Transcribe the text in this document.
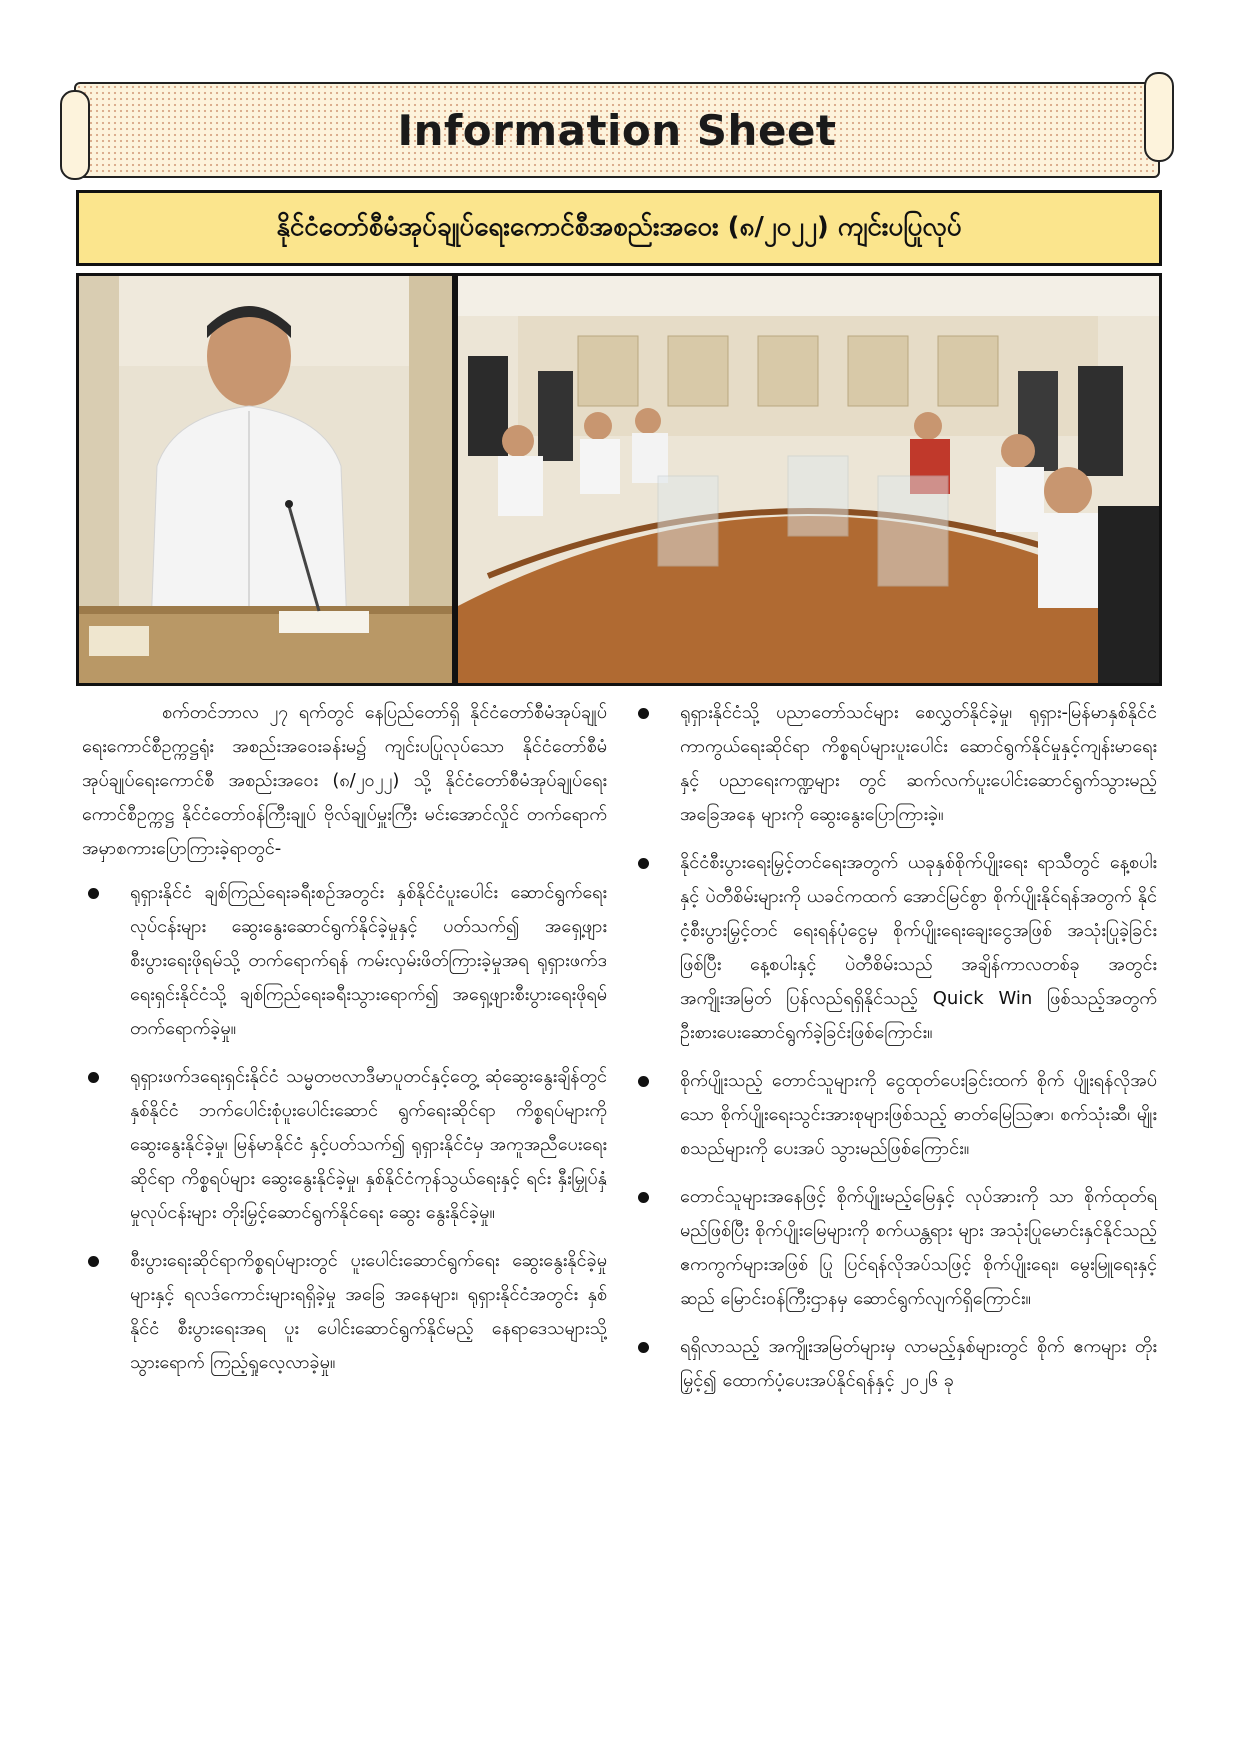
Information Sheet
နိုင်ငံတော်စီမံအုပ်ချုပ်ရေးကောင်စီအစည်းအဝေး (၈/၂၀၂၂) ကျင်းပပြုလုပ်

စက်တင်ဘာလ ၂၇ ရက်တွင် နေပြည်တော်ရှိ နိုင်ငံတော်စီမံအုပ်ချုပ်ရေးကောင်စီဥက္ကဋ္ဌရုံး အစည်းအဝေးခန်းမ၌ ကျင်းပပြုလုပ်သော နိုင်ငံတော်စီမံအုပ်ချုပ်ရေးကောင်စီ အစည်းအဝေး (၈/၂၀၂၂) သို့ နိုင်ငံတော်စီမံအုပ်ချုပ်ရေးကောင်စီဥက္ကဋ္ဌ နိုင်ငံတော်ဝန်ကြီးချုပ် ဗိုလ်ချုပ်မှူးကြီး မင်းအောင်လှိုင် တက်ရောက် အမှာစကားပြောကြားခဲ့ရာတွင်-

ရုရှားနိုင်ငံ ချစ်ကြည်ရေးခရီးစဉ်အတွင်း နှစ်နိုင်ငံပူးပေါင်း ဆောင်ရွက်ရေးလုပ်ငန်းများ ဆွေးနွေးဆောင်ရွက်နိုင်ခဲ့မှုနှင့် ပတ်သက်၍ အရှေ့ဖျားစီးပွားရေးဖိုရမ်သို့ တက်ရောက်ရန် ကမ်းလှမ်းဖိတ်ကြားခဲ့မှုအရ ရုရှားဖက်ဒရေးရှင်းနိုင်ငံသို့ ချစ်ကြည်ရေးခရီးသွားရောက်၍ အရှေ့ဖျားစီးပွားရေးဖိုရမ် တက်ရောက်ခဲ့မှု။
ရုရှားဖက်ဒရေးရှင်းနိုင်ငံ သမ္မတဗလာဒီမာပူတင်နှင့်တွေ့ ဆုံဆွေးနွေးချိန်တွင် နှစ်နိုင်ငံ ဘက်ပေါင်းစုံပူးပေါင်းဆောင် ရွက်ရေးဆိုင်ရာ ကိစ္စရပ်များကို ဆွေးနွေးနိုင်ခဲ့မှု၊ မြန်မာနိုင်ငံ နှင့်ပတ်သက်၍ ရုရှားနိုင်ငံမှ အကူအညီပေးရေးဆိုင်ရာ ကိစ္စရပ်များ ဆွေးနွေးနိုင်ခဲ့မှု၊ နှစ်နိုင်ငံကုန်သွယ်ရေးနှင့် ရင်း နှီးမြှုပ်နှံမှုလုပ်ငန်းများ တိုးမြှင့်ဆောင်ရွက်နိုင်ရေး ဆွေး နွေးနိုင်ခဲ့မှု။
စီးပွားရေးဆိုင်ရာကိစ္စရပ်များတွင် ပူးပေါင်းဆောင်ရွက်ရေး ဆွေးနွေးနိုင်ခဲ့မှုများနှင့် ရလဒ်ကောင်းများရရှိခဲ့မှု အခြေ အနေများ၊ ရုရှားနိုင်ငံအတွင်း နှစ်နိုင်ငံ စီးပွားရေးအရ ပူး ပေါင်းဆောင်ရွက်နိုင်မည့် နေရာဒေသများသို့ သွားရောက် ကြည့်ရှုလေ့လာခဲ့မှု။
ရုရှားနိုင်ငံသို့ ပညာတော်သင်များ စေလွှတ်နိုင်ခဲ့မှု၊ ရုရှား-မြန်မာနှစ်နိုင်ငံ ကာကွယ်ရေးဆိုင်ရာ ကိစ္စရပ်များပူးပေါင်း ဆောင်ရွက်နိုင်မှုနှင့်ကျန်းမာရေးနှင့် ပညာရေးကဏ္ဍများ တွင် ဆက်လက်ပူးပေါင်းဆောင်ရွက်သွားမည့်အခြေအနေ များကို ဆွေးနွေးပြောကြားခဲ့။
နိုင်ငံစီးပွားရေးမြှင့်တင်ရေးအတွက် ယခုနှစ်စိုက်ပျိုးရေး ရာသီတွင် နေ့စပါးနှင့် ပဲတီစိမ်းများကို ယခင်ကထက် အောင်မြင်စွာ စိုက်ပျိုးနိုင်ရန်အတွက် နိုင်ငံ့စီးပွားမြှင့်တင် ရေးရန်ပုံငွေမှ စိုက်ပျိုးရေးချေးငွေအဖြစ် အသုံးပြုခဲ့ခြင်း ဖြစ်ပြီး နေ့စပါးနှင့် ပဲတီစိမ်းသည် အချိန်ကာလတစ်ခု အတွင်း အကျိုးအမြတ် ပြန်လည်ရရှိနိုင်သည့် Quick Win ဖြစ်သည့်အတွက် ဦးစားပေးဆောင်ရွက်ခဲ့ခြင်းဖြစ်ကြောင်း။
စိုက်ပျိုးသည့် တောင်သူများကို ငွေထုတ်ပေးခြင်းထက် စိုက် ပျိုးရန်လိုအပ်သော စိုက်ပျိုးရေးသွင်းအားစုများဖြစ်သည့် ဓာတ်မြေဩဇာ၊ စက်သုံးဆီ၊ မျိုး စသည်များကို ပေးအပ် သွားမည်ဖြစ်ကြောင်း။
တောင်သူများအနေဖြင့် စိုက်ပျိုးမည့်မြေနှင့် လုပ်အားကို သာ စိုက်ထုတ်ရမည်ဖြစ်ပြီး စိုက်ပျိုးမြေများကို စက်ယန္တရား များ အသုံးပြုမောင်းနှင်နိုင်သည့် ဧကကွက်များအဖြစ် ပြု ပြင်ရန်လိုအပ်သဖြင့် စိုက်ပျိုးရေး၊ မွေးမြူရေးနှင့် ဆည် မြောင်းဝန်ကြီးဌာနမှ ဆောင်ရွက်လျက်ရှိကြောင်း။
ရရှိလာသည့် အကျိုးအမြတ်များမှ လာမည့်နှစ်များတွင် စိုက် ဧကများ တိုးမြှင့်၍ ထောက်ပံ့ပေးအပ်နိုင်ရန်နှင့် ၂၀၂၆ ခု
